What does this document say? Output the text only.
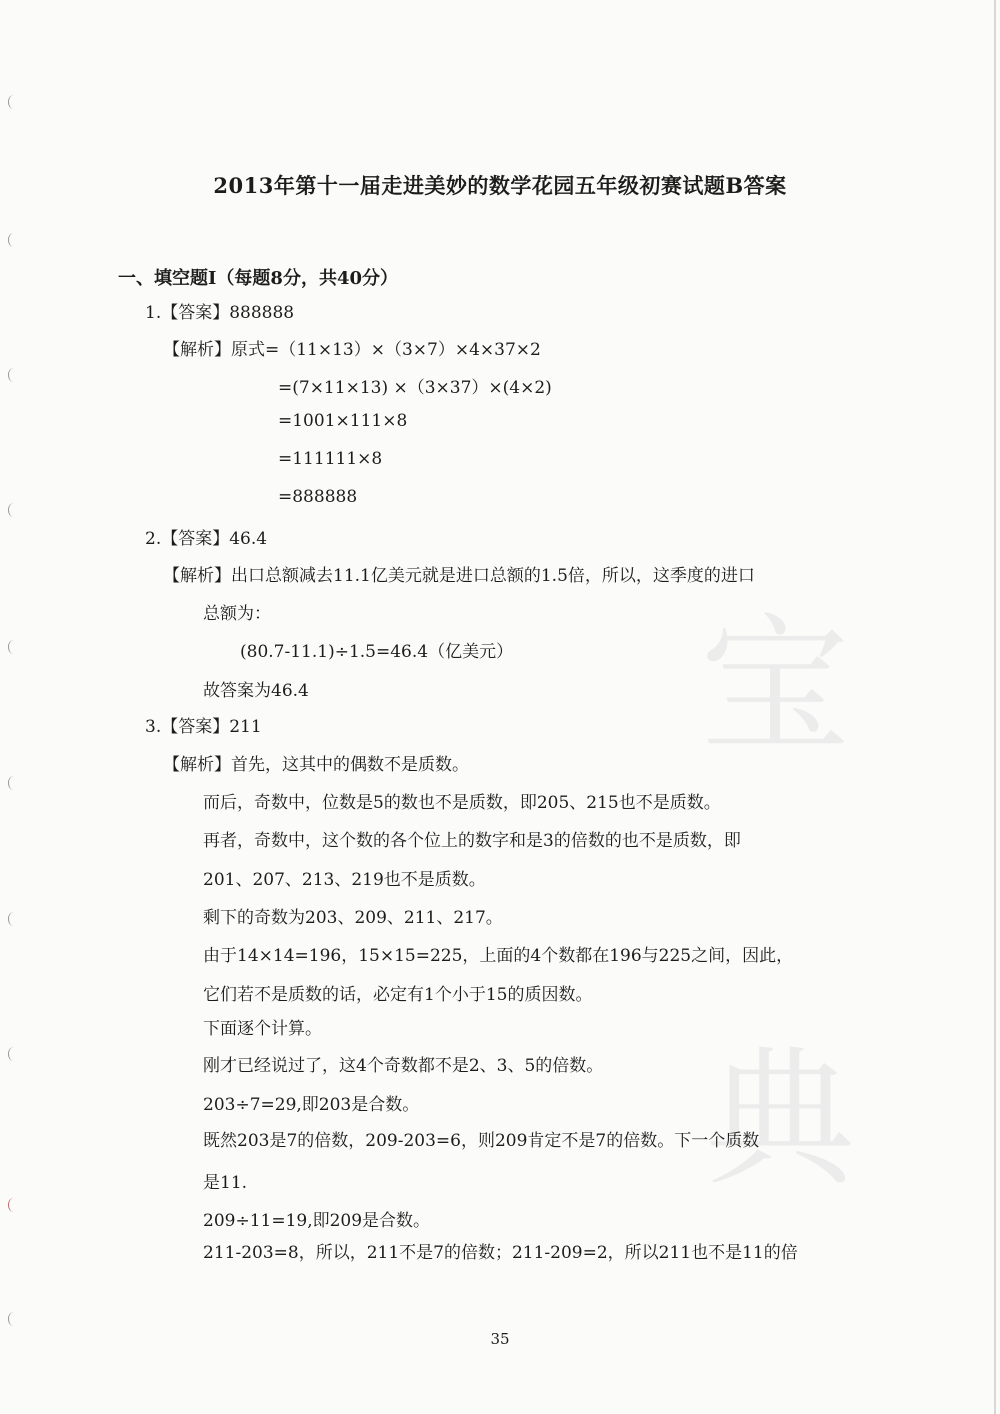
宝
典
2013年第十一届走进美妙的数学花园五年级初赛试题B答案
一、填空题Ⅰ（每题8分，共40分）
1.【答案】888888
【解析】原式=（11×13）×（3×7）×4×37×2
=(7×11×13) ×（3×37）×(4×2)
=1001×111×8
=111111×8
=888888
2.【答案】46.4
【解析】出口总额减去11.1亿美元就是进口总额的1.5倍，所以，这季度的进口
总额为：
(80.7-11.1)÷1.5=46.4（亿美元）
故答案为46.4
3.【答案】211
【解析】首先，这其中的偶数不是质数。
而后，奇数中，位数是5的数也不是质数，即205、215也不是质数。
再者，奇数中，这个数的各个位上的数字和是3的倍数的也不是质数，即
201、207、213、219也不是质数。
剩下的奇数为203、209、211、217。
由于14×14=196，15×15=225，上面的4个数都在196与225之间，因此，
它们若不是质数的话，必定有1个小于15的质因数。
下面逐个计算。
刚才已经说过了，这4个奇数都不是2、3、5的倍数。
203÷7=29,即203是合数。
既然203是7的倍数，209-203=6，则209肯定不是7的倍数。下一个质数
是11.
209÷11=19,即209是合数。
211-203=8，所以，211不是7的倍数；211-209=2，所以211也不是11的倍
35
